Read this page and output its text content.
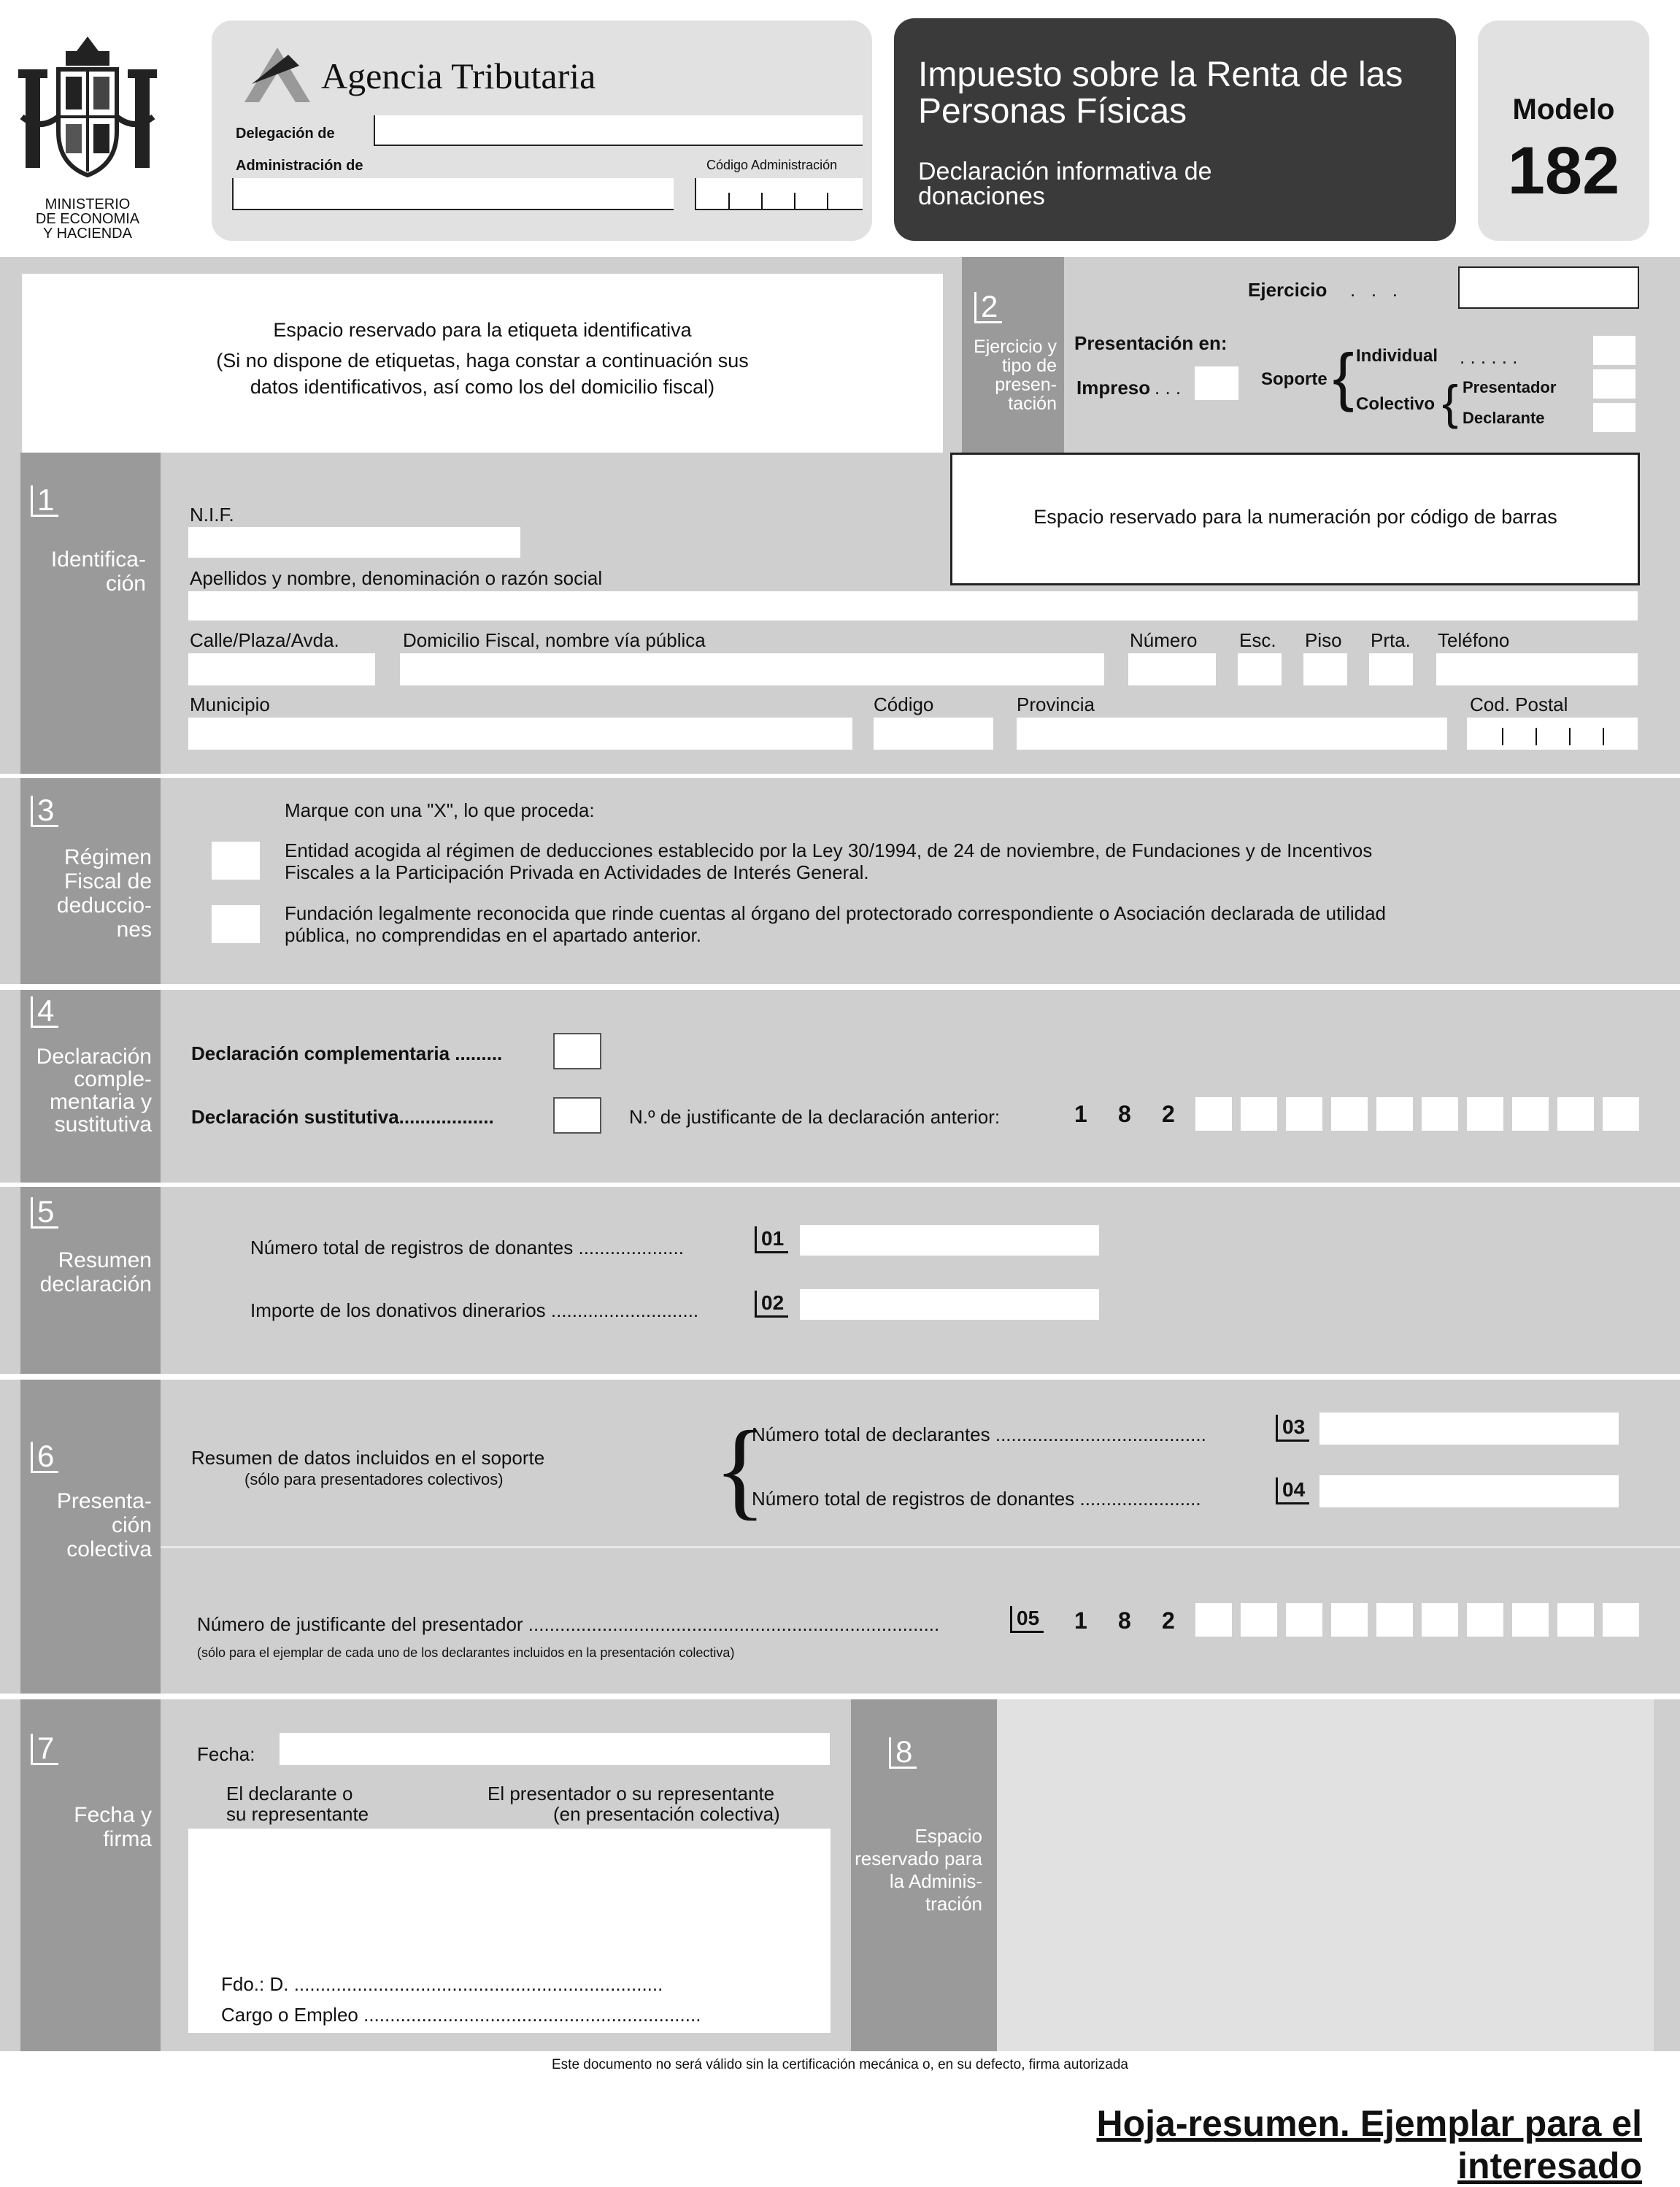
MINISTERIO
DE ECONOMIA
Y HACIENDA
Agencia Tributaria
Delegación de
Administración de	Código Administración
Impuesto sobre la Renta de las Personas Físicas
Declaración informativa de donaciones
Modelo
182
Espacio reservado para la etiqueta identificativa
(Si no dispone de etiquetas, haga constar a continuación sus
datos identificativos, así como los del domicilio fiscal)
2
Ejercicio y tipo de presen- tación
Ejercicio .   .   .
Presentación en:
Impreso . . .	Soporte { Individual . . . . . .
Colectivo { Presentador
Declarante
1
Identifica- ción
Espacio reservado para la numeración por código de barras
N.I.F.
Apellidos y nombre, denominación o razón social
Calle/Plaza/Avda.	Domicilio Fiscal, nombre vía pública	Número Esc. Piso Prta. Teléfono
Municipio	Código	Provincia	Cod. Postal
3
Régimen Fiscal de deduccio- nes
Marque con una "X", lo que proceda:
Entidad acogida al régimen de deducciones establecido por la Ley 30/1994, de 24 de noviembre, de Fundaciones y de Incentivos
Fiscales a la Participación Privada en Actividades de Interés General.
Fundación legalmente reconocida que rinde cuentas al órgano del protectorado correspondiente o Asociación declarada de utilidad
pública, no comprendidas en el apartado anterior.
4
Declaración comple- mentaria y sustitutiva
Declaración complementaria .........
Declaración sustitutiva..................	N.º de justificante de la declaración anterior:	1 8 2
5
Resumen declaración
Número total de registros de donantes ....................	01
Importe de los donativos dinerarios ............................	02
6
Presenta- ción colectiva
Resumen de datos incluidos en el soporte
(sólo para presentadores colectivos) {
Número total de declarantes ........................................	03
Número total de registros de donantes .......................	04
Número de justificante del presentador ..............................................................................	05 1 8 2
(sólo para el ejemplar de cada uno de los declarantes incluidos en la presentación colectiva)
7
Fecha y firma
Fecha:
El declarante o
su representante
El presentador o su representante
(en presentación colectiva)
Fdo.: D. ......................................................................
Cargo o Empleo ................................................................
8
Espacio reservado para la Adminis- tración
Este documento no será válido sin la certificación mecánica o, en su defecto, firma autorizada
Hoja-resumen. Ejemplar para el interesado
